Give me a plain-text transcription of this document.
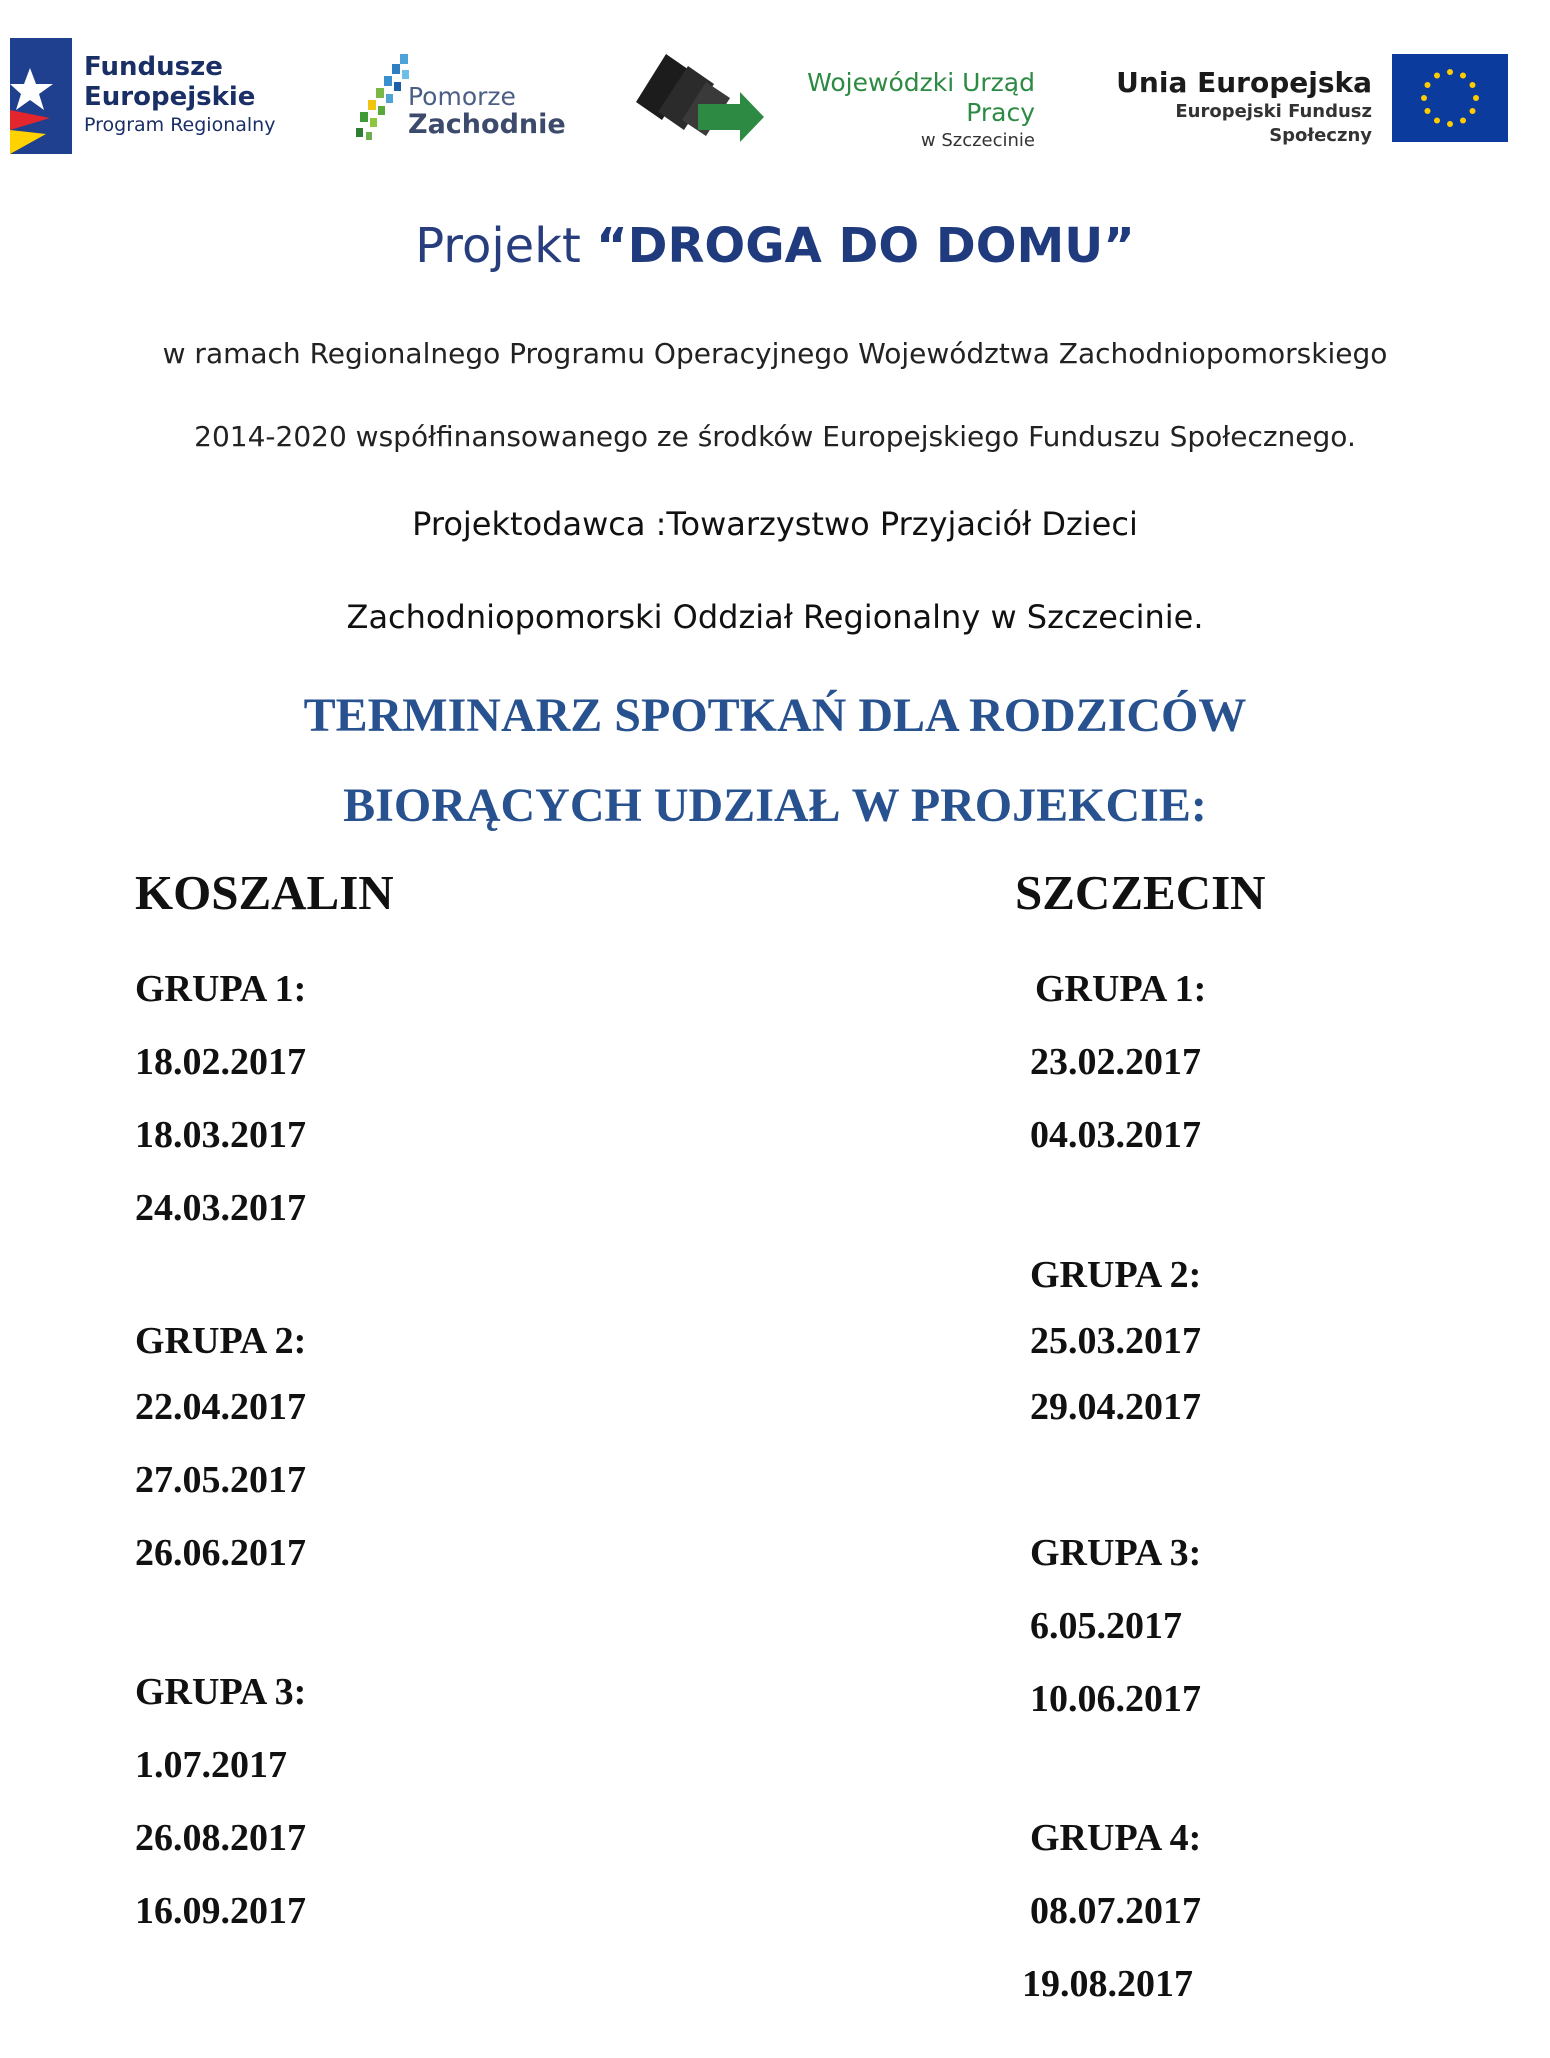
Fundusze
Europejskie
Program Regionalny
Pomorze
Zachodnie
Wojewódzki Urząd Pracy
w Szczecinie
Unia Europejska
Europejski Fundusz Społeczny
Projekt “DROGA DO DOMU”
w ramach Regionalnego Programu Operacyjnego Województwa Zachodniopomorskiego
2014-2020 współfinansowanego ze środków Europejskiego Funduszu Społecznego.
Projektodawca :Towarzystwo Przyjaciół Dzieci
Zachodniopomorski Oddział Regionalny w Szczecinie.
TERMINARZ SPOTKAŃ DLA RODZICÓW
BIORĄCYCH UDZIAŁ W PROJEKCIE:
KOSZALIN
GRUPA 1:
18.02.2017
18.03.2017
24.03.2017
GRUPA 2:
22.04.2017
27.05.2017
26.06.2017
GRUPA 3:
1.07.2017
26.08.2017
16.09.2017
SZCZECIN
GRUPA 1:
23.02.2017
04.03.2017
GRUPA 2:
25.03.2017
29.04.2017
GRUPA 3:
6.05.2017
10.06.2017
GRUPA 4:
08.07.2017
19.08.2017
